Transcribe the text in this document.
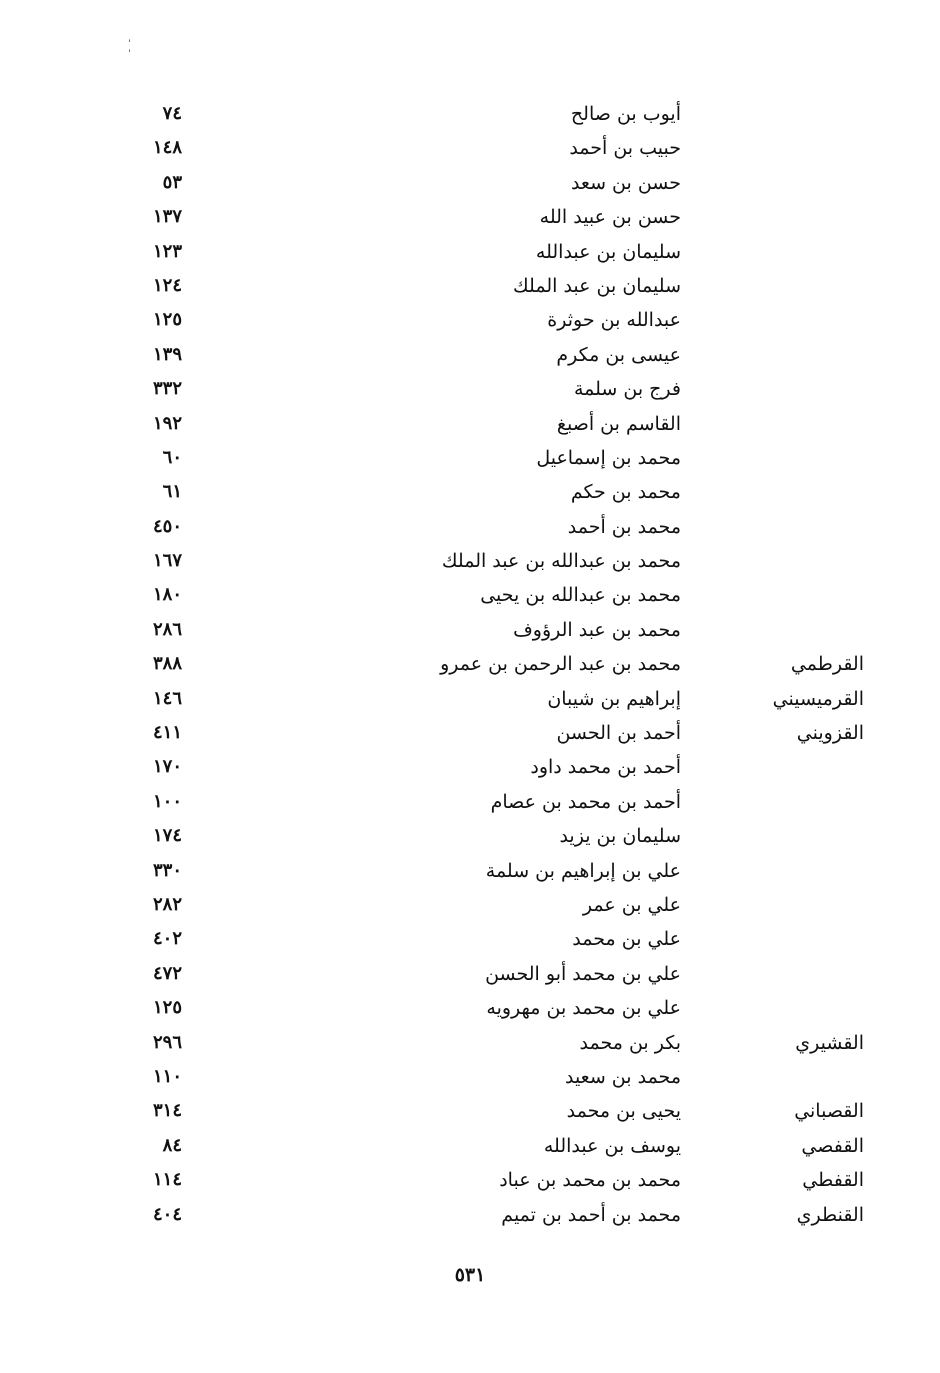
ˈ
ˈ
أيوب بن صالح
٧٤
حبيب بن أحمد
١٤٨
حسن بن سعد
٥٣
حسن بن عبيد الله
١٣٧
سليمان بن عبدالله
١٢٣
سليمان بن عبد الملك
١٢٤
عبدالله بن حوثرة
١٢٥
عيسى بن مكرم
١٣٩
فرج بن سلمة
٣٣٢
القاسم بن أصبغ
١٩٢
محمد بن إسماعيل
٦٠
محمد بن حكم
٦١
محمد بن أحمد
٤٥٠
محمد بن عبدالله بن عبد الملك
١٦٧
محمد بن عبدالله بن يحيى
١٨٠
محمد بن عبد الرؤوف
٢٨٦
القرطمي
محمد بن عبد الرحمن بن عمرو
٣٨٨
القرميسيني
إبراهيم بن شيبان
١٤٦
القزويني
أحمد بن الحسن
٤١١
أحمد بن محمد داود
١٧٠
أحمد بن محمد بن عصام
١٠٠
سليمان بن يزيد
١٧٤
علي بن إبراهيم بن سلمة
٣٣٠
علي بن عمر
٢٨٢
علي بن محمد
٤٠٢
علي بن محمد أبو الحسن
٤٧٢
علي بن محمد بن مهرويه
١٢٥
القشيري
بكر بن محمد
٢٩٦
محمد بن سعيد
١١٠
القصباني
يحيى بن محمد
٣١٤
القفصي
يوسف بن عبدالله
٨٤
القفطي
محمد بن محمد بن عباد
١١٤
القنطري
محمد بن أحمد بن تميم
٤٠٤
٥٣١
